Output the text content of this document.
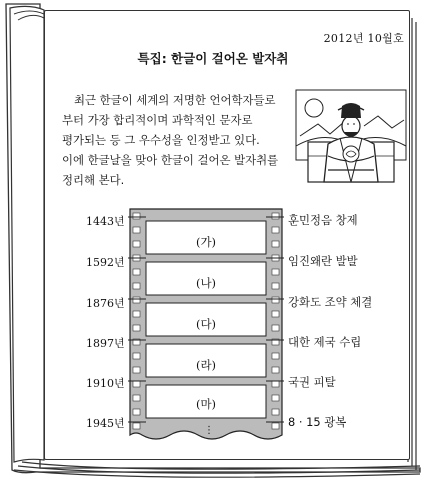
2012년 10월호
특집: 한글이 걸어온 발자취
최근 한글이 세계의 저명한 언어학자들로
부터 가장 합리적이며 과학적인 문자로
평가되는 등 그 우수성을 인정받고 있다.
이에 한글날을 맞아 한글이 걸어온 발자취를
정리해 본다.
1443년
1592년
1876년
1897년
1910년
1945년
(가)
(나)
(다)
(라)
(마)
⋮
훈민정음 창제
임진왜란 발발
강화도 조약 체결
대한 제국 수립
국권 피탈
8 · 15 광복
